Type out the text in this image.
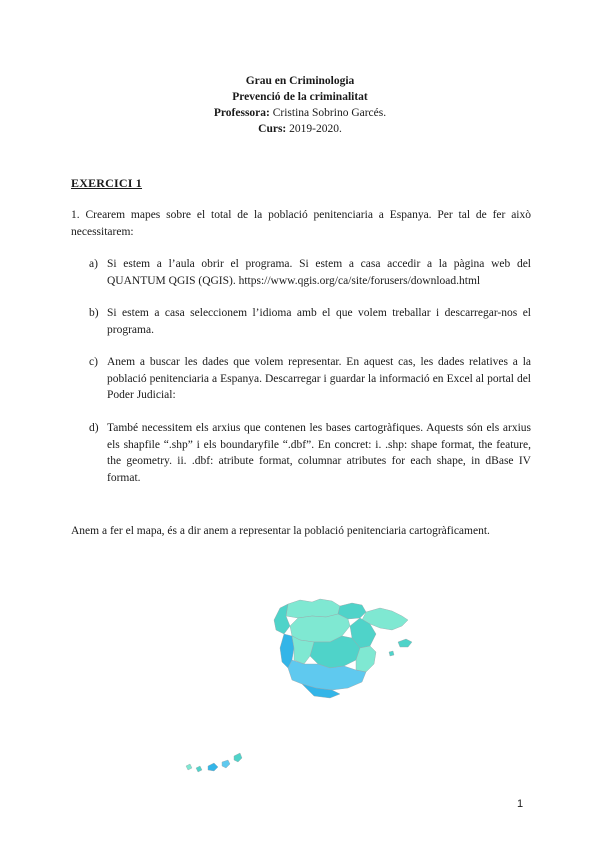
Grau en Criminologia
Prevenció de la criminalitat
Professora: Cristina Sobrino Garcés.
Curs: 2019-2020.
EXERCICI 1
1. Crearem mapes sobre el total de la població penitenciaria a Espanya. Per tal de fer això necessitarem:
a) Si estem a l’aula obrir el programa. Si estem a casa accedir a la pàgina web del QUANTUM QGIS (QGIS). https://www.qgis.org/ca/site/forusers/download.html
b) Si estem a casa seleccionem l’idioma amb el que volem treballar i descarregar-nos el programa.
c) Anem a buscar les dades que volem representar. En aquest cas, les dades relatives a la població penitenciaria a Espanya. Descarregar i guardar la informació en Excel al portal del Poder Judicial:
d) També necessitem els arxius que contenen les bases cartogràfiques. Aquests són els arxius els shapfile “.shp” i els boundaryfile “.dbf”. En concret: i. .shp: shape format, the feature, the geometry. ii. .dbf: atribute format, columnar atributes for each shape, in dBase IV format.
Anem a fer el mapa, és a dir anem a representar la població penitenciaria cartogràficament.
1
